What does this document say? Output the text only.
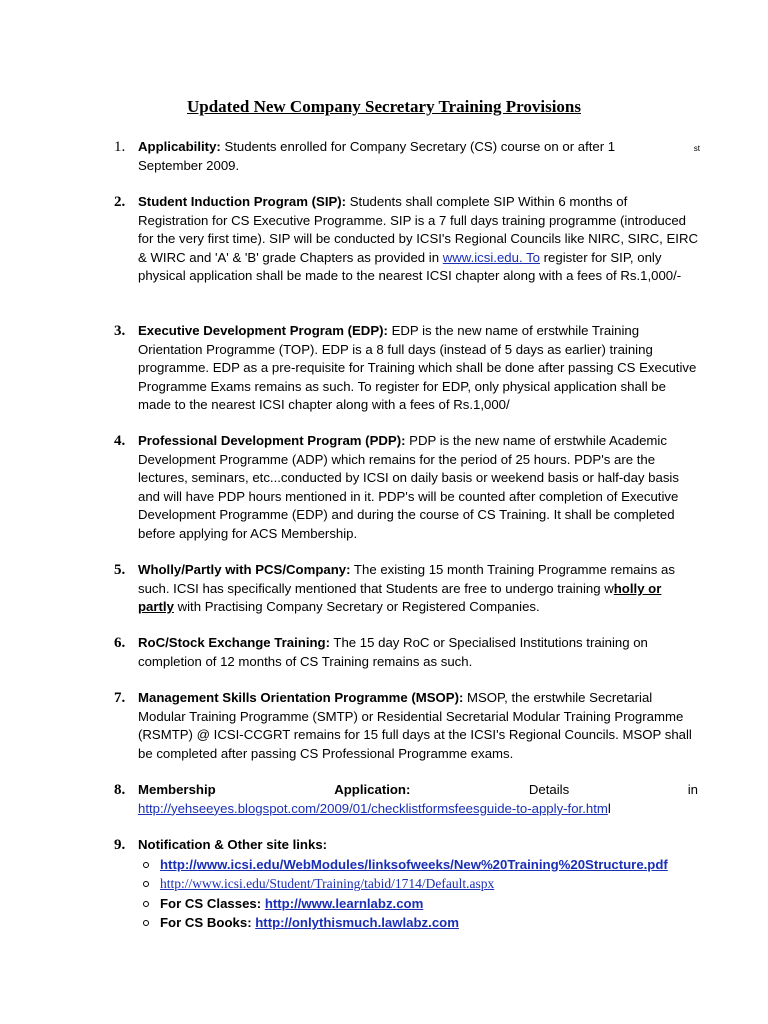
Updated New Company Secretary Training Provisions
1. Applicability: Students enrolled for Company Secretary (CS) course on or after 1	st

September 2009.

2. Student Induction Program (SIP): Students shall complete SIP Within 6 months of Registration for CS Executive Programme. SIP is a 7 full days training programme (introduced for the very first time). SIP will be conducted by ICSI's Regional Councils like NIRC, SIRC, EIRC & WIRC and 'A' & 'B' grade Chapters as provided in www.icsi.edu. To register for SIP, only physical application shall be made to the nearest ICSI chapter along with a fees of Rs.1,000/-

3. Executive Development Program (EDP): EDP is the new name of erstwhile Training Orientation Programme (TOP). EDP is a 8 full days (instead of 5 days as earlier) training programme. EDP as a pre-requisite for Training which shall be done after passing CS Executive Programme Exams remains as such. To register for EDP, only physical application shall be made to the nearest ICSI chapter along with a fees of Rs.1,000/

4. Professional Development Program (PDP): PDP is the new name of erstwhile Academic Development Programme (ADP) which remains for the period of 25 hours. PDP's are the lectures, seminars, etc...conducted by ICSI on daily basis or weekend basis or half-day basis and will have PDP hours mentioned in it. PDP's will be counted after completion of Executive Development Programme (EDP) and during the course of CS Training. It shall be completed before applying for ACS Membership.

5. Wholly/Partly with PCS/Company: The existing 15 month Training Programme remains as such. ICSI has specifically mentioned that Students are free to undergo training wholly or partly with Practising Company Secretary or Registered Companies.

6. RoC/Stock Exchange Training: The 15 day RoC or Specialised Institutions training on completion of 12 months of CS Training remains as such.

7. Management Skills Orientation Programme (MSOP): MSOP, the erstwhile Secretarial Modular Training Programme (SMTP) or Residential Secretarial Modular Training Programme (RSMTP) @ ICSI-CCGRT remains for 15 full days at the ICSI's Regional Councils. MSOP shall be completed after passing CS Professional Programme exams.

8. Membership	Application:	Details	in

http://yehseeyes.blogspot.com/2009/01/checklistformsfeesguide-to-apply-for.html

9. Notification & Other site links:

http://www.icsi.edu/WebModules/linksofweeks/New%20Training%20Structure.pdf
http://www.icsi.edu/Student/Training/tabid/1714/Default.aspx
For CS Classes: http://www.learnlabz.com
For CS Books: http://onlythismuch.lawlabz.com
